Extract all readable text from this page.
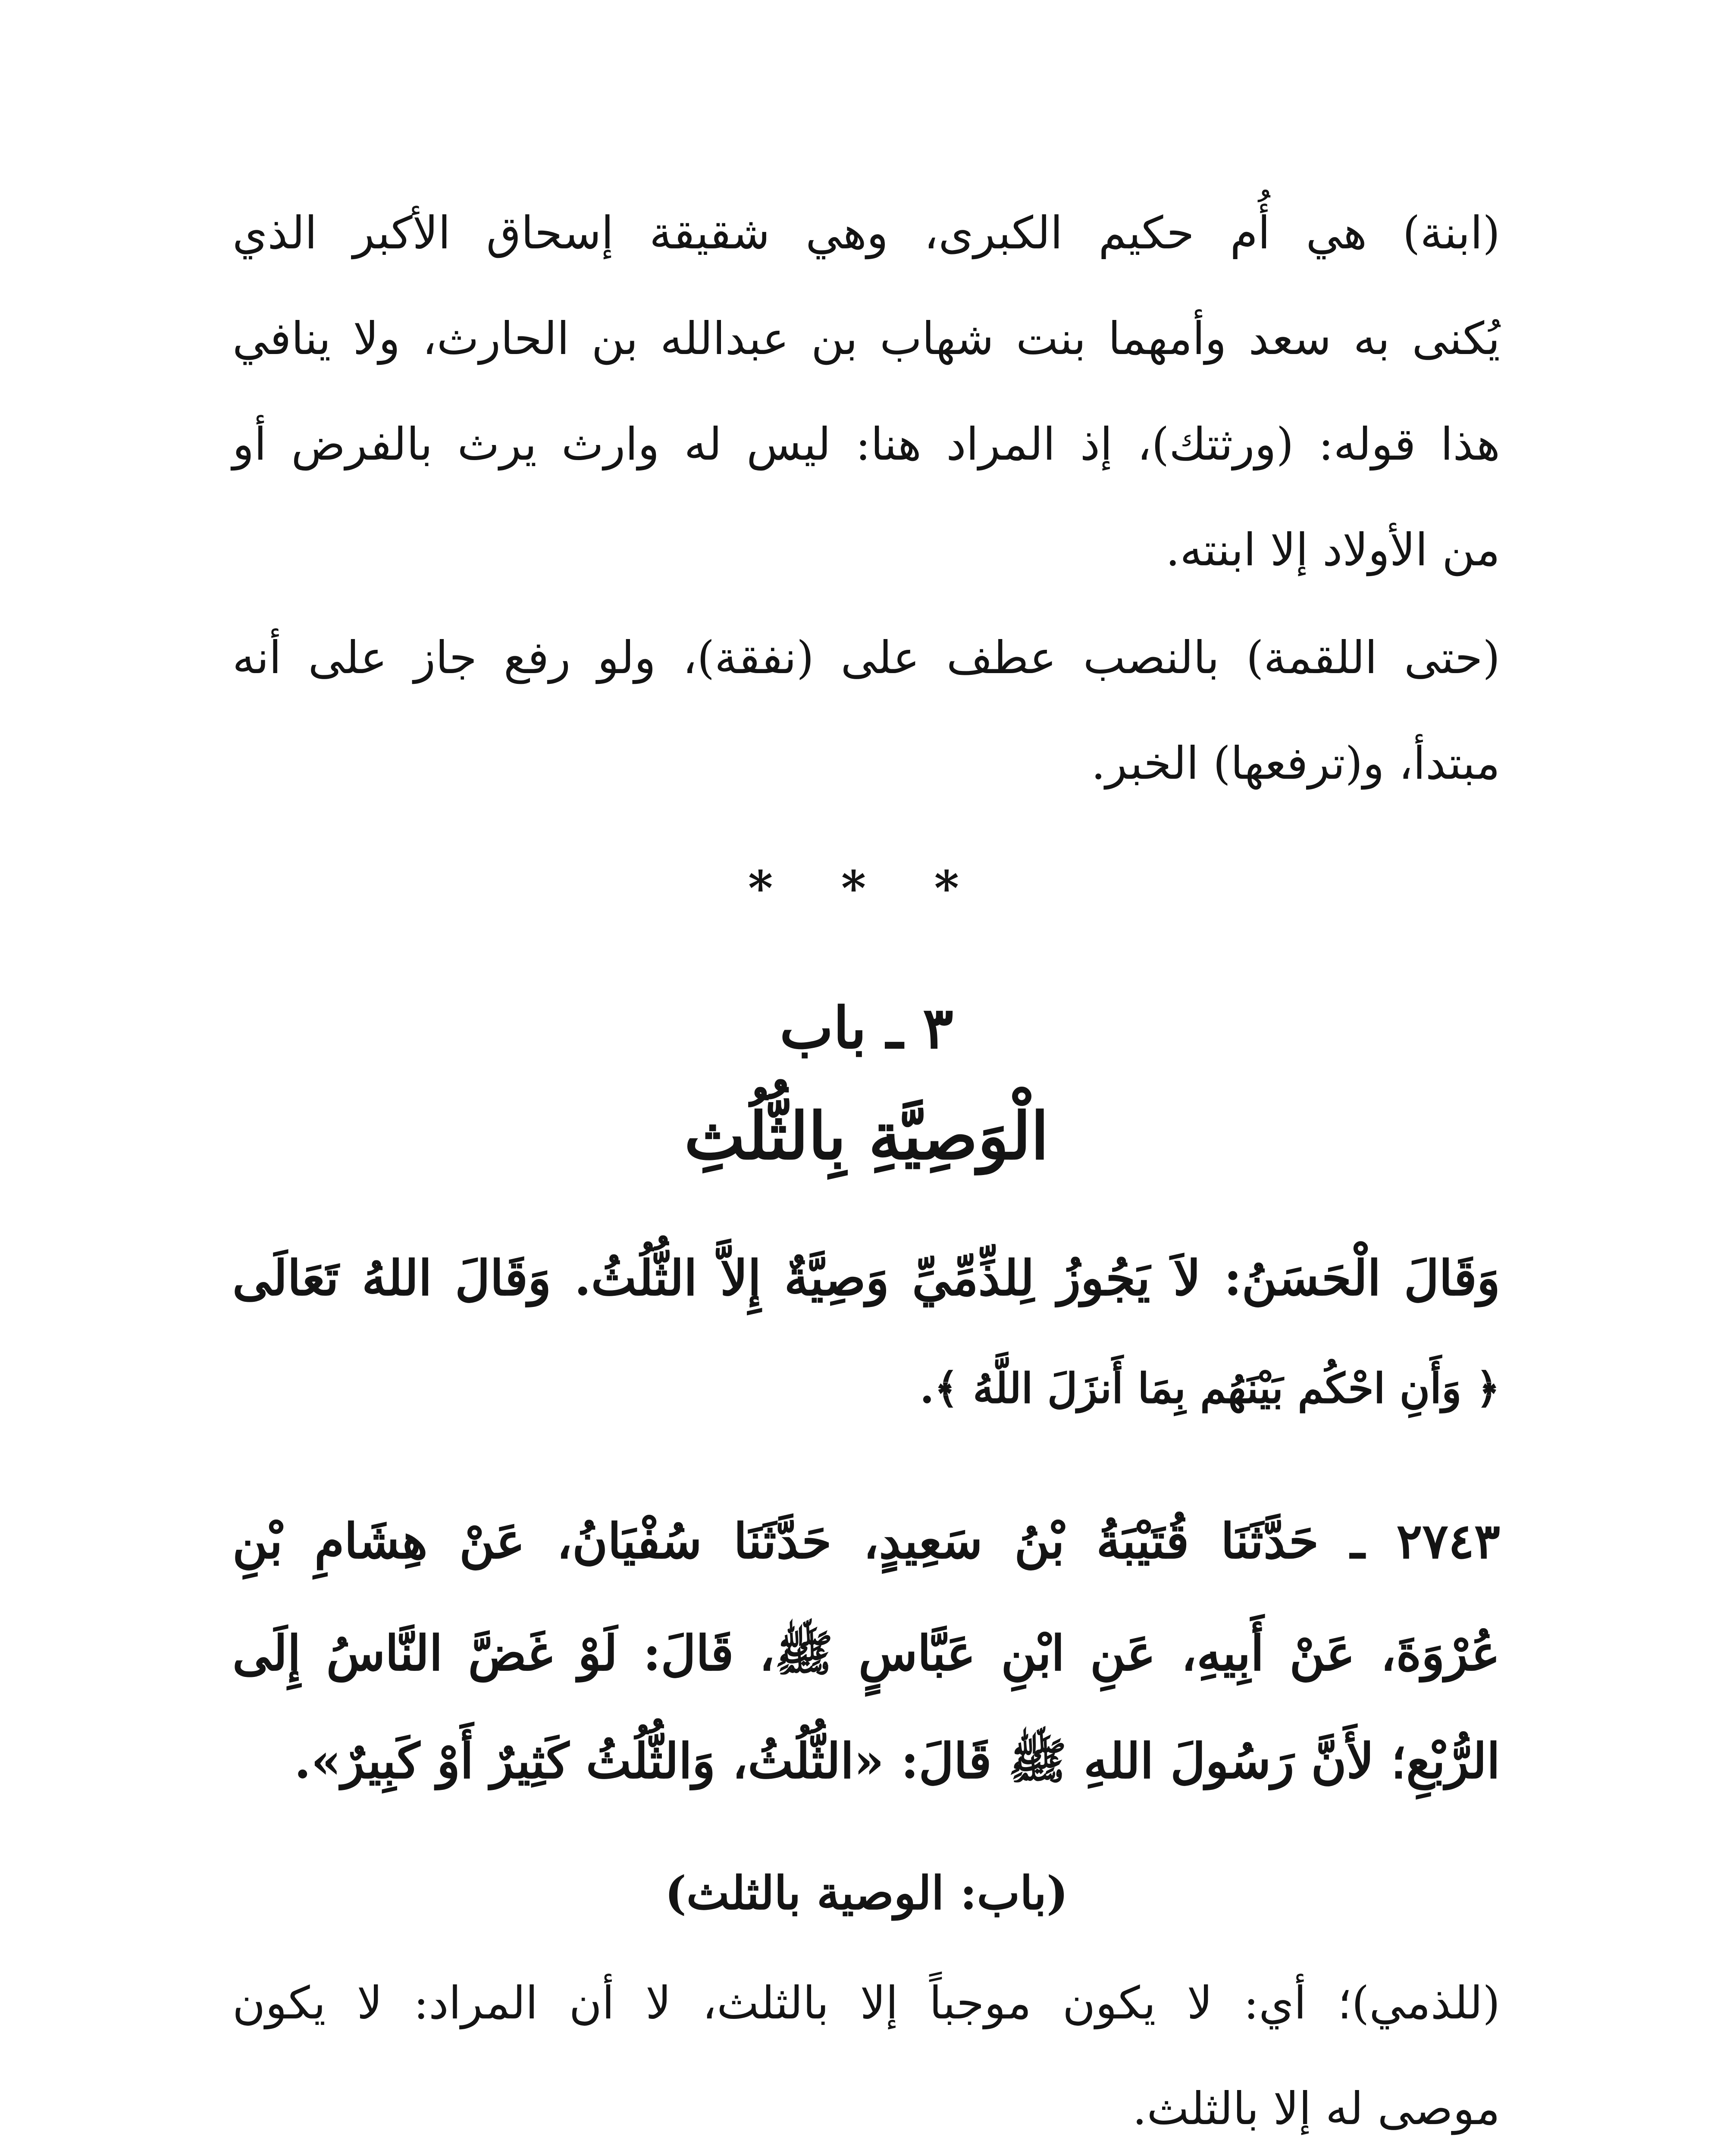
(ابنة) هي أُم حكيم الكبرى، وهي شقيقة إسحاق الأكبر الذي
يُكنى به سعد وأمهما بنت شهاب بن عبدالله بن الحارث، ولا ينافي
هذا قوله: (ورثتك)، إذ المراد هنا: ليس له وارث يرث بالفرض أو
من الأولاد إلا ابنته.
(حتى اللقمة) بالنصب عطف على (نفقة)، ولو رفع جاز على أنه
مبتدأ، و(ترفعها) الخبر.
* * *
٣ ـ باب
الْوَصِيَّةِ بِالثُّلُثِ
وَقَالَ الْحَسَنُ: لاَ يَجُوزُ لِلذِّمِّيِّ وَصِيَّةٌ إِلاَّ الثُّلُثُ. وَقَالَ اللهُ تَعَالَى
﴿ وَأَنِ احْكُم بَيْنَهُم بِمَا أَنزَلَ اللَّهُ ﴾.
٢٧٤٣ ـ حَدَّثَنَا قُتَيْبَةُ بْنُ سَعِيدٍ، حَدَّثَنَا سُفْيَانُ، عَنْ هِشَامِ بْنِ
عُرْوَةَ، عَنْ أَبِيهِ، عَنِ ابْنِ عَبَّاسٍ ﷺ، قَالَ: لَوْ غَضَّ النَّاسُ إِلَى
الرُّبْعِ؛ لأَنَّ رَسُولَ اللهِ ﷺ قَالَ: «الثُّلُثُ، وَالثُّلُثُ كَثِيرٌ أَوْ كَبِيرٌ».
(باب: الوصية بالثلث)
(للذمي)؛ أي: لا يكون موجباً إلا بالثلث، لا أن المراد: لا يكون
موصى له إلا بالثلث.
